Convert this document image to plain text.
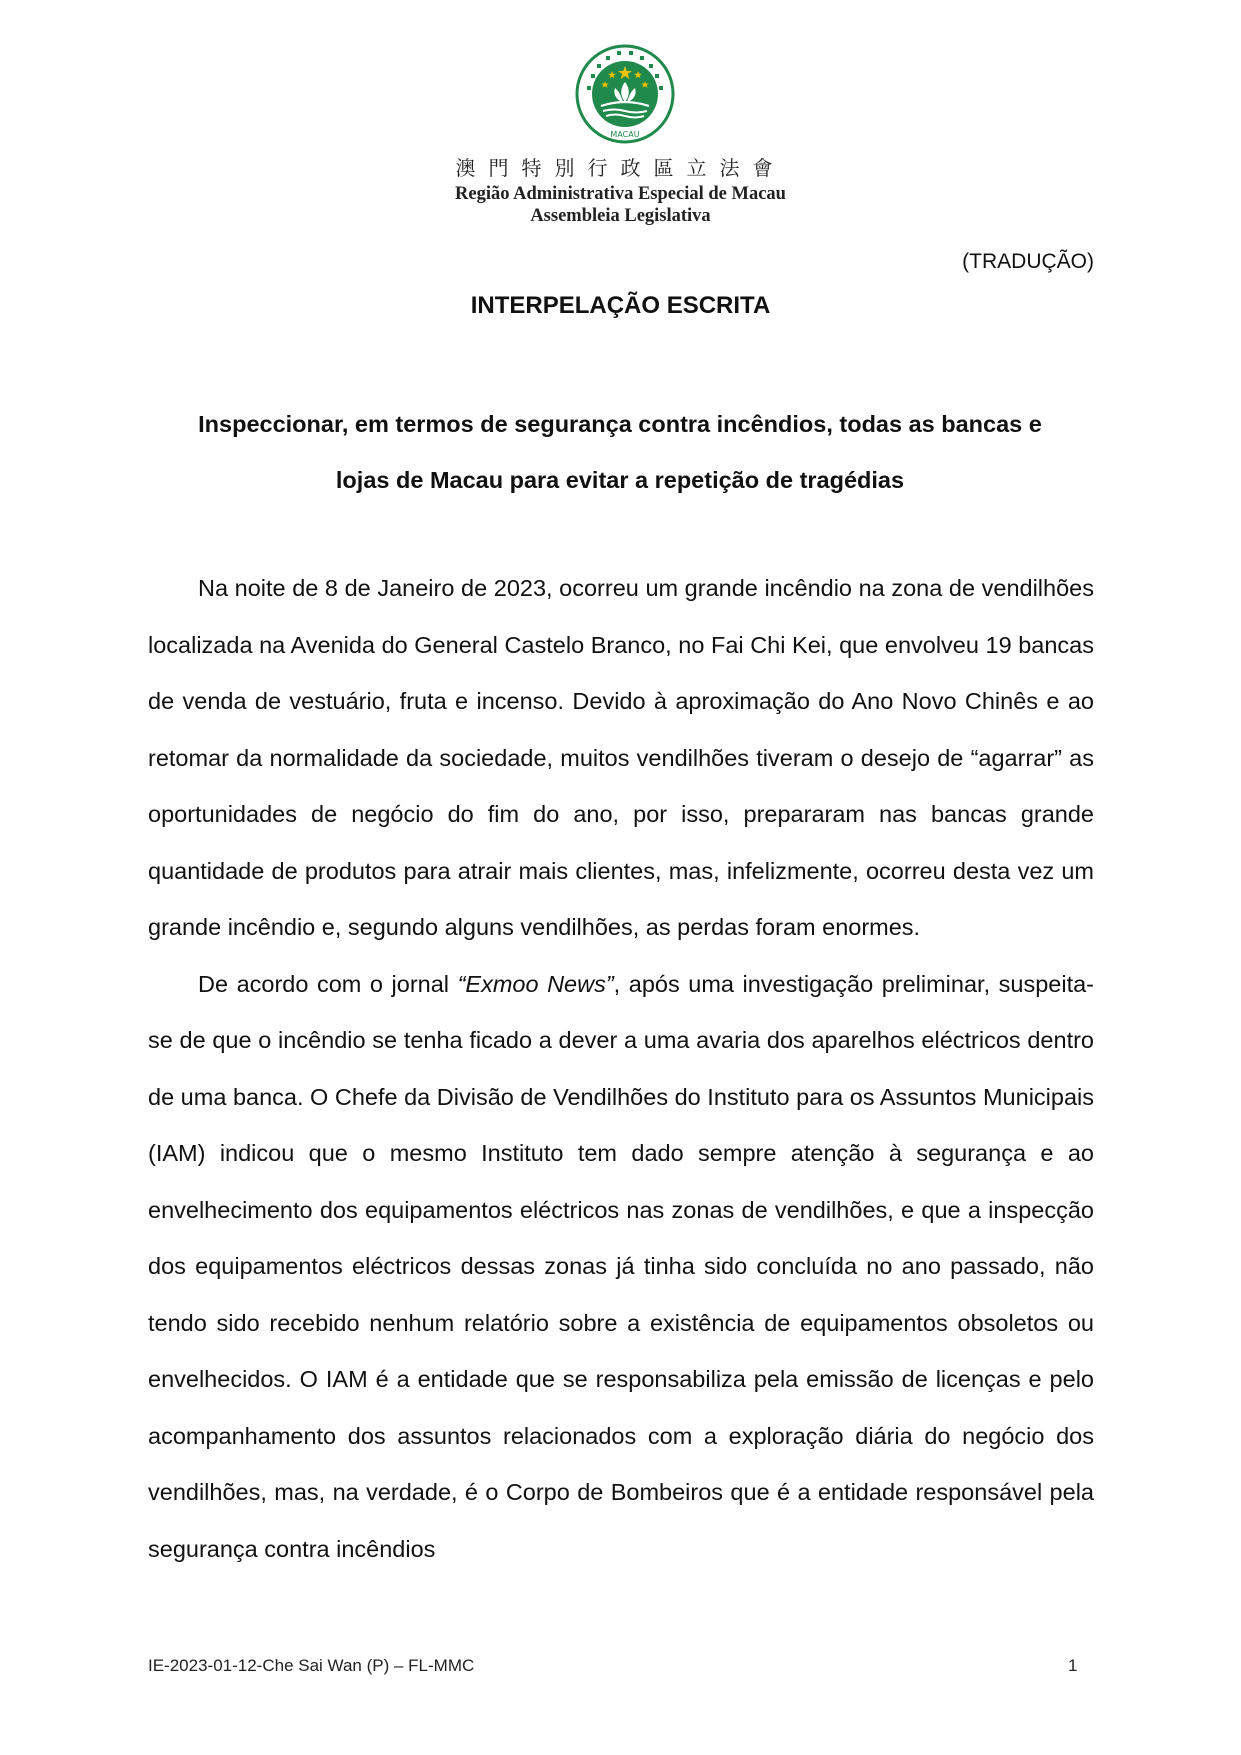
MACAU
澳門特別行政區立法會
Região Administrativa Especial de Macau
Assembleia Legislativa
(TRADUÇÃO)
INTERPELAÇÃO ESCRITA
Inspeccionar, em termos de segurança contra incêndios, todas as bancas e
lojas de Macau para evitar a repetição de tragédias

Na noite de 8 de Janeiro de 2023, ocorreu um grande incêndio na zona de vendilhões localizada na Avenida do General Castelo Branco, no Fai Chi Kei, que envolveu 19 bancas de venda de vestuário, fruta e incenso. Devido à aproximação do Ano Novo Chinês e ao retomar da normalidade da sociedade, muitos vendilhões tiveram o desejo de “agarrar” as oportunidades de negócio do fim do ano, por isso, prepararam nas bancas grande quantidade de produtos para atrair mais clientes, mas, infelizmente, ocorreu desta vez um grande incêndio e, segundo alguns vendilhões, as perdas foram enormes.

De acordo com o jornal “Exmoo News”, após uma investigação preliminar, suspeita-se de que o incêndio se tenha ficado a dever a uma avaria dos aparelhos eléctricos dentro de uma banca. O Chefe da Divisão de Vendilhões do Instituto para os Assuntos Municipais (IAM) indicou que o mesmo Instituto tem dado sempre atenção à segurança e ao envelhecimento dos equipamentos eléctricos nas zonas de vendilhões, e que a inspecção dos equipamentos eléctricos dessas zonas já tinha sido concluída no ano passado, não tendo sido recebido nenhum relatório sobre a existência de equipamentos obsoletos ou envelhecidos. O IAM é a entidade que se responsabiliza pela emissão de licenças e pelo acompanhamento dos assuntos relacionados com a exploração diária do negócio dos vendilhões, mas, na verdade, é o Corpo de Bombeiros que é a entidade responsável pela segurança contra incêndios

IE-2023-01-12-Che Sai Wan (P) – FL-MMC	1
